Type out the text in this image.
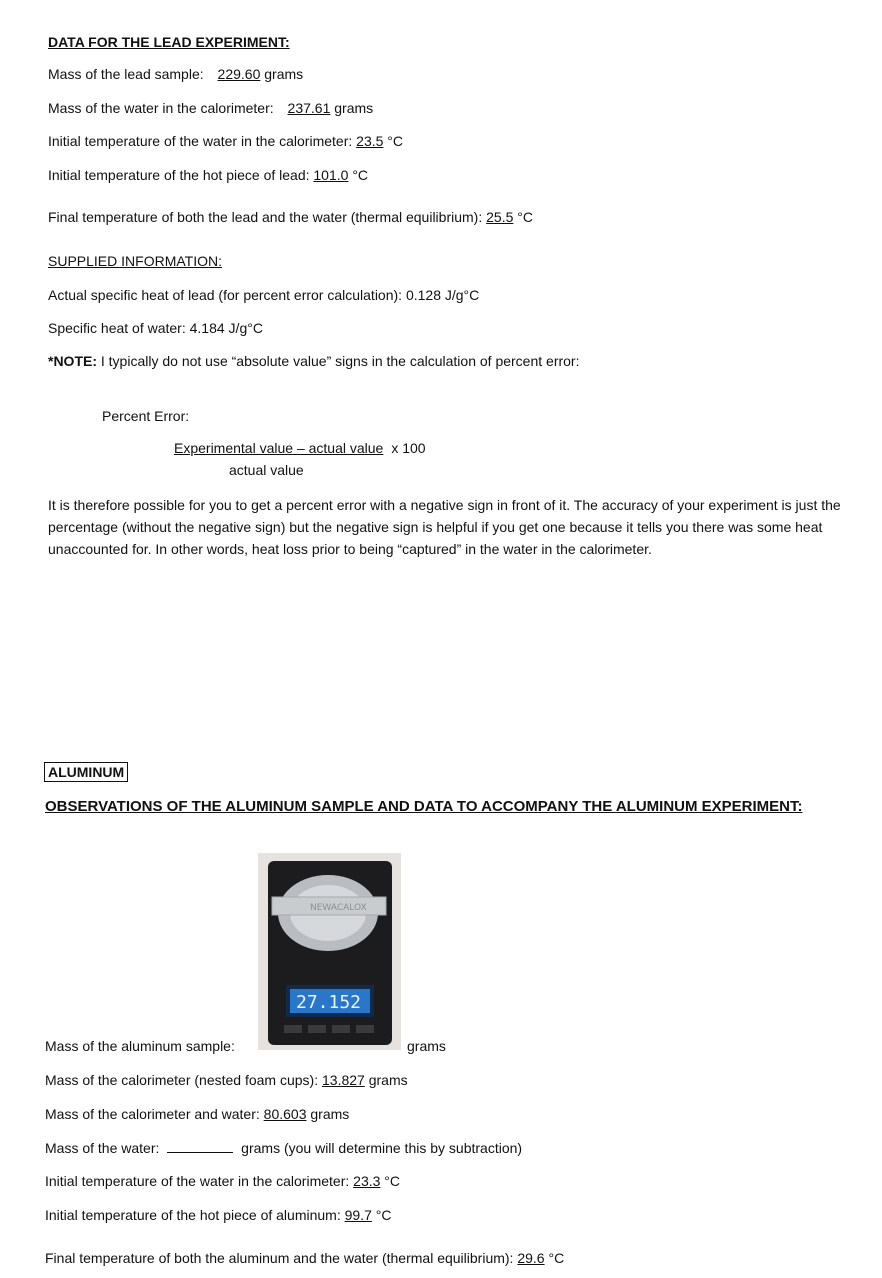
DATA FOR THE LEAD EXPERIMENT:
Mass of the lead sample: 229.60 grams
Mass of the water in the calorimeter: 237.61 grams
Initial temperature of the water in the calorimeter: 23.5 °C
Initial temperature of the hot piece of lead: 101.0 °C
Final temperature of both the lead and the water (thermal equilibrium): 25.5 °C
SUPPLIED INFORMATION:
Actual specific heat of lead (for percent error calculation): 0.128 J/g°C
Specific heat of water: 4.184 J/g°C
*NOTE: I typically do not use “absolute value” signs in the calculation of percent error:
Percent Error:
Experimental value – actual value x 100
actual value
It is therefore possible for you to get a percent error with a negative sign in front of it. The accuracy of your experiment is just the percentage (without the negative sign) but the negative sign is helpful if you get one because it tells you there was some heat unaccounted for. In other words, heat loss prior to being “captured” in the water in the calorimeter.
ALUMINUM
OBSERVATIONS OF THE ALUMINUM SAMPLE AND DATA TO ACCOMPANY THE ALUMINUM EXPERIMENT:
NEWACALOX
27.152
Mass of the aluminum sample:	grams
Mass of the calorimeter (nested foam cups): 13.827 grams
Mass of the calorimeter and water: 80.603 grams
Mass of the water:	grams (you will determine this by subtraction)
Initial temperature of the water in the calorimeter: 23.3 °C
Initial temperature of the hot piece of aluminum: 99.7 °C
Final temperature of both the aluminum and the water (thermal equilibrium): 29.6 °C
